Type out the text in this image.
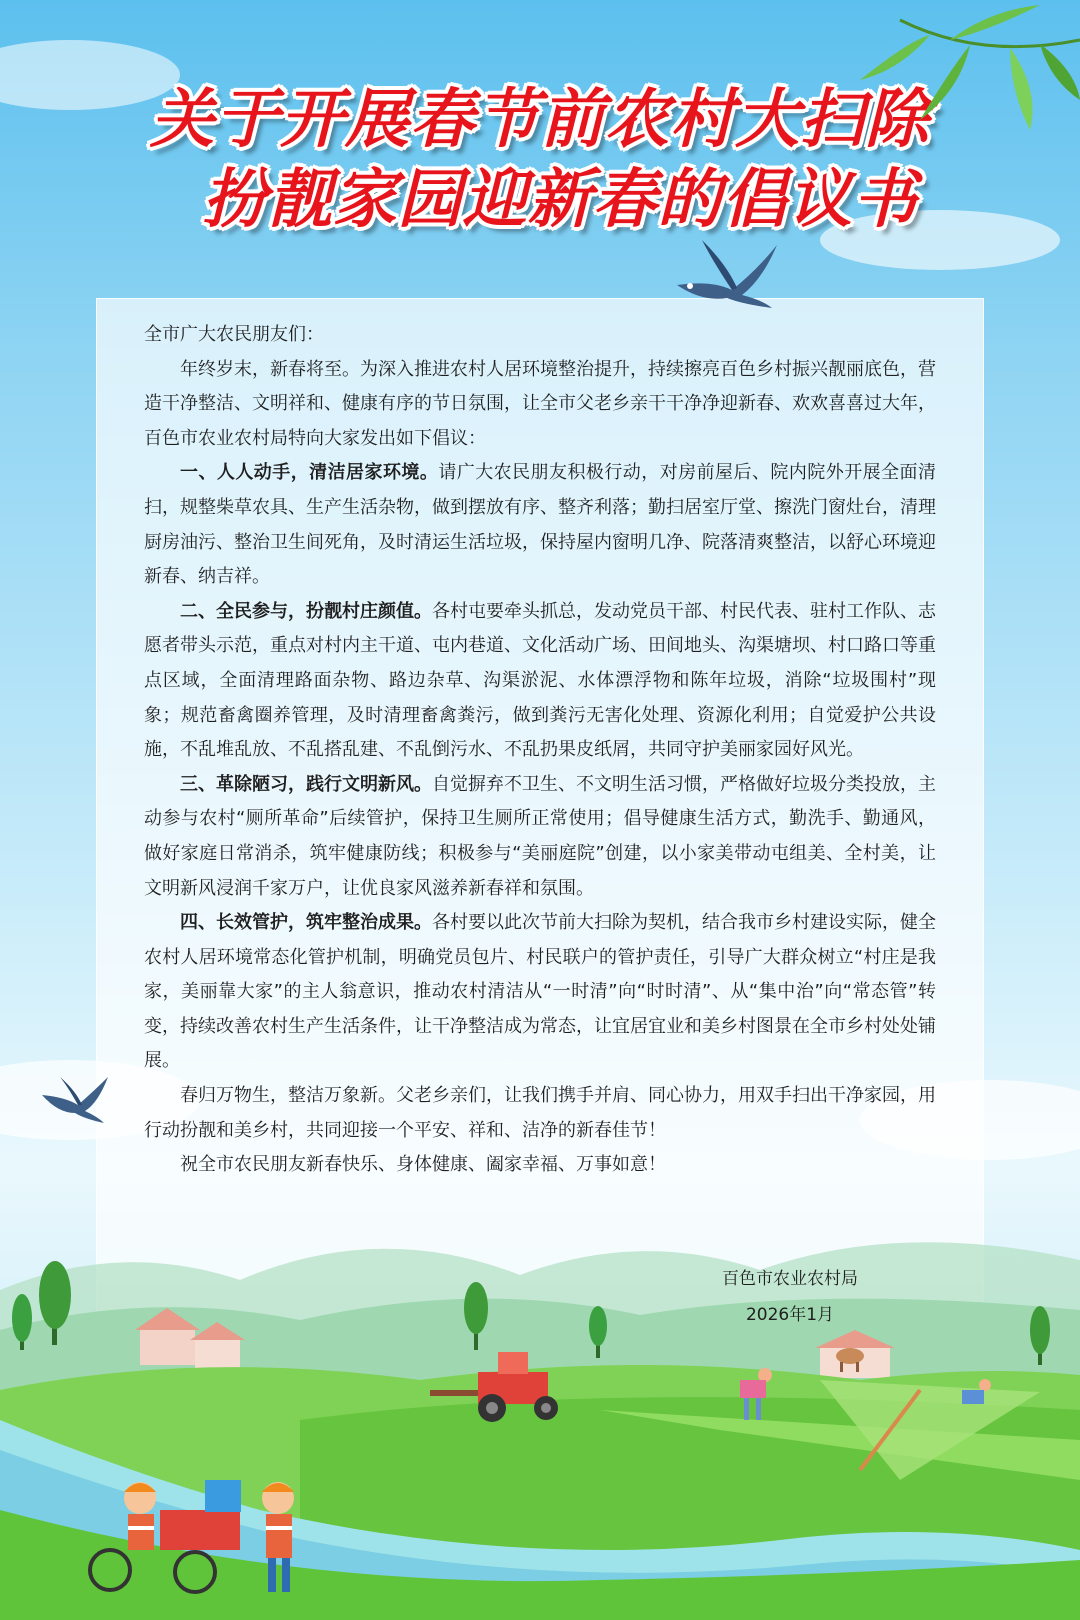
关于开展春节前农村大扫除
扮靓家园迎新春的倡议书

全市广大农民朋友们：

年终岁末，新春将至。为深入推进农村人居环境整治提升，持续擦亮百色乡村振兴靓丽底色，营造干净整洁、文明祥和、健康有序的节日氛围，让全市父老乡亲干干净净迎新春、欢欢喜喜过大年，百色市农业农村局特向大家发出如下倡议：

一、人人动手，清洁居家环境。请广大农民朋友积极行动，对房前屋后、院内院外开展全面清扫，规整柴草农具、生产生活杂物，做到摆放有序、整齐利落；勤扫居室厅堂、擦洗门窗灶台，清理厨房油污、整治卫生间死角，及时清运生活垃圾，保持屋内窗明几净、院落清爽整洁，以舒心环境迎新春、纳吉祥。

二、全民参与，扮靓村庄颜值。各村屯要牵头抓总，发动党员干部、村民代表、驻村工作队、志愿者带头示范，重点对村内主干道、屯内巷道、文化活动广场、田间地头、沟渠塘坝、村口路口等重点区域，全面清理路面杂物、路边杂草、沟渠淤泥、水体漂浮物和陈年垃圾，消除“垃圾围村”现象；规范畜禽圈养管理，及时清理畜禽粪污，做到粪污无害化处理、资源化利用；自觉爱护公共设施，不乱堆乱放、不乱搭乱建、不乱倒污水、不乱扔果皮纸屑，共同守护美丽家园好风光。

三、革除陋习，践行文明新风。自觉摒弃不卫生、不文明生活习惯，严格做好垃圾分类投放，主动参与农村“厕所革命”后续管护，保持卫生厕所正常使用；倡导健康生活方式，勤洗手、勤通风，做好家庭日常消杀，筑牢健康防线；积极参与“美丽庭院”创建，以小家美带动屯组美、全村美，让文明新风浸润千家万户，让优良家风滋养新春祥和氛围。

四、长效管护，筑牢整治成果。各村要以此次节前大扫除为契机，结合我市乡村建设实际，健全农村人居环境常态化管护机制，明确党员包片、村民联户的管护责任，引导广大群众树立“村庄是我家，美丽靠大家”的主人翁意识，推动农村清洁从“一时清”向“时时清”、从“集中治”向“常态管”转变，持续改善农村生产生活条件，让干净整洁成为常态，让宜居宜业和美乡村图景在全市乡村处处铺展。

春归万物生，整洁万象新。父老乡亲们，让我们携手并肩、同心协力，用双手扫出干净家园，用行动扮靓和美乡村，共同迎接一个平安、祥和、洁净的新春佳节！

祝全市农民朋友新春快乐、身体健康、阖家幸福、万事如意！

百色市农业农村局
2026年1月
